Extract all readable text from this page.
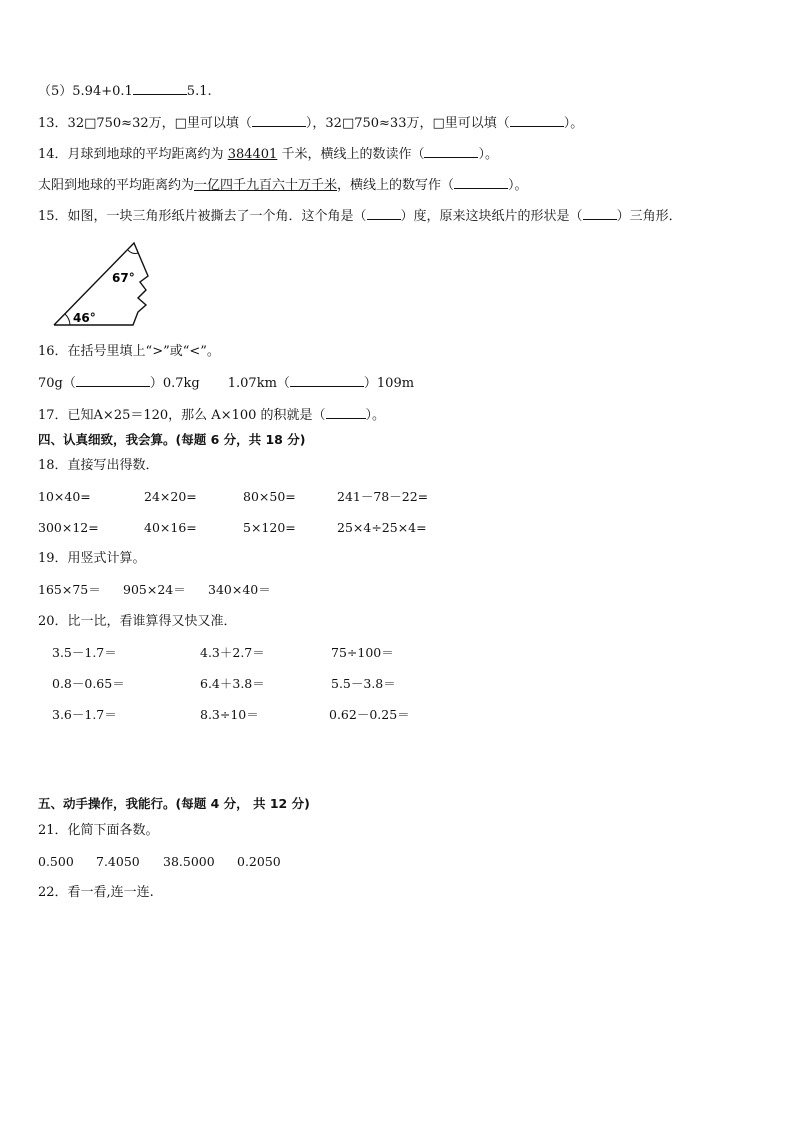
（5）5.94+0.1	5.1.
13．32□750≈32万，□里可以填（	），32□750≈33万，□里可以填（	）。
14．月球到地球的平均距离约为 384401 千米，横线上的数读作（	）。
太阳到地球的平均距离约为一亿四千九百六十万千米，横线上的数写作（	）。
15．如图，一块三角形纸片被撕去了一个角．这个角是（	）度，原来这块纸片的形状是（	）三角形．
46°
67°
16．在括号里填上“>”或“<”。
70g（	）0.7kg 1.07km（	）109m
17．已知A×25＝120，那么 A×100 的积就是（	）。
四、认真细致，我会算。(每题 6 分，共 18 分)
18．直接写出得数．
10×40=	24×20=	80×50=	241－78－22=
300×12=	40×16=	5×120=	25×4÷25×4=
19．用竖式计算。
165×75＝ 905×24＝ 340×40＝
20．比一比，看谁算得又快又准．
3.5－1.7＝	4.3＋2.7＝	75÷100＝
0.8－0.65＝	6.4＋3.8＝	5.5－3.8＝
3.6－1.7＝	8.3÷10＝	0.62－0.25＝
五、动手操作，我能行。(每题 4 分， 共 12 分)
21．化简下面各数。
0.500 7.4050 38.5000 0.2050
22．看一看,连一连.
